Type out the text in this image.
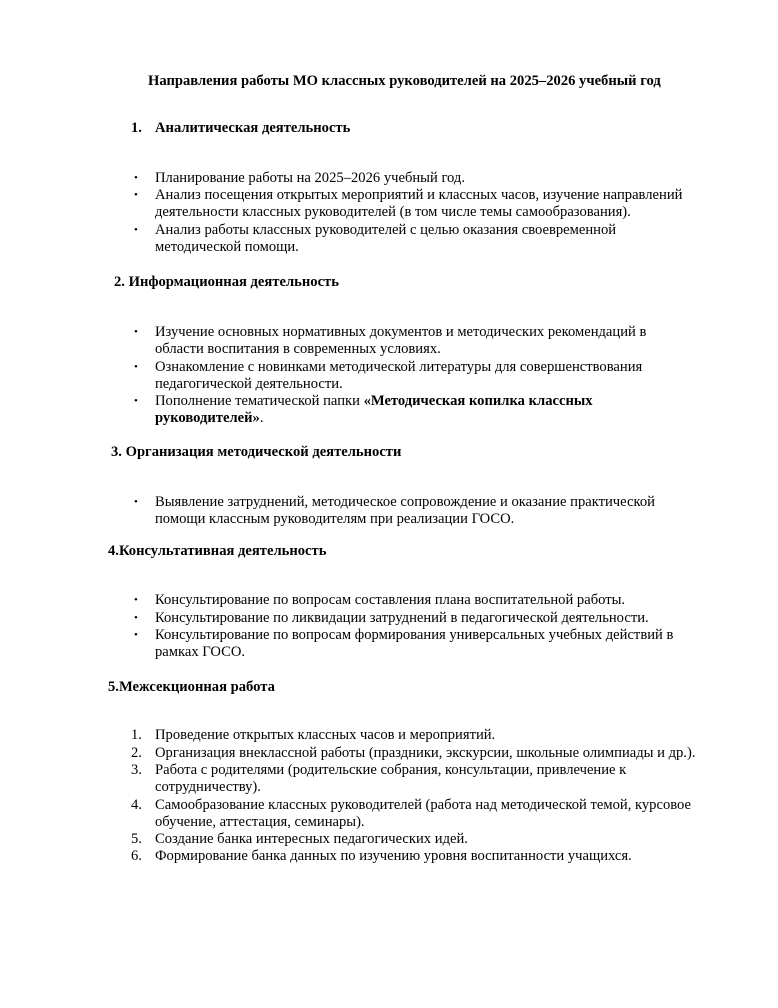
Направления работы МО классных руководителей на 2025–2026 учебный год
1. Аналитическая деятельность
• Планирование работы на 2025–2026 учебный год.
• Анализ посещения открытых мероприятий и классных часов, изучение направлений
деятельности классных руководителей (в том числе темы самообразования).
• Анализ работы классных руководителей с целью оказания своевременной
методической помощи.
2. Информационная деятельность
• Изучение основных нормативных документов и методических рекомендаций в
области воспитания в современных условиях.
• Ознакомление с новинками методической литературы для совершенствования
педагогической деятельности.
• Пополнение тематической папки «Методическая копилка классных
руководителей».
3. Организация методической деятельности
• Выявление затруднений, методическое сопровождение и оказание практической
помощи классным руководителям при реализации ГОСО.
4.Консультативная деятельность
• Консультирование по вопросам составления плана воспитательной работы.
• Консультирование по ликвидации затруднений в педагогической деятельности.
• Консультирование по вопросам формирования универсальных учебных действий в
рамках ГОСО.
5.Межсекционная работа
1. Проведение открытых классных часов и мероприятий.
2. Организация внеклассной работы (праздники, экскурсии, школьные олимпиады и др.).
3. Работа с родителями (родительские собрания, консультации, привлечение к
сотрудничеству).
4. Самообразование классных руководителей (работа над методической темой, курсовое
обучение, аттестация, семинары).
5. Создание банка интересных педагогических идей.
6. Формирование банка данных по изучению уровня воспитанности учащихся.
